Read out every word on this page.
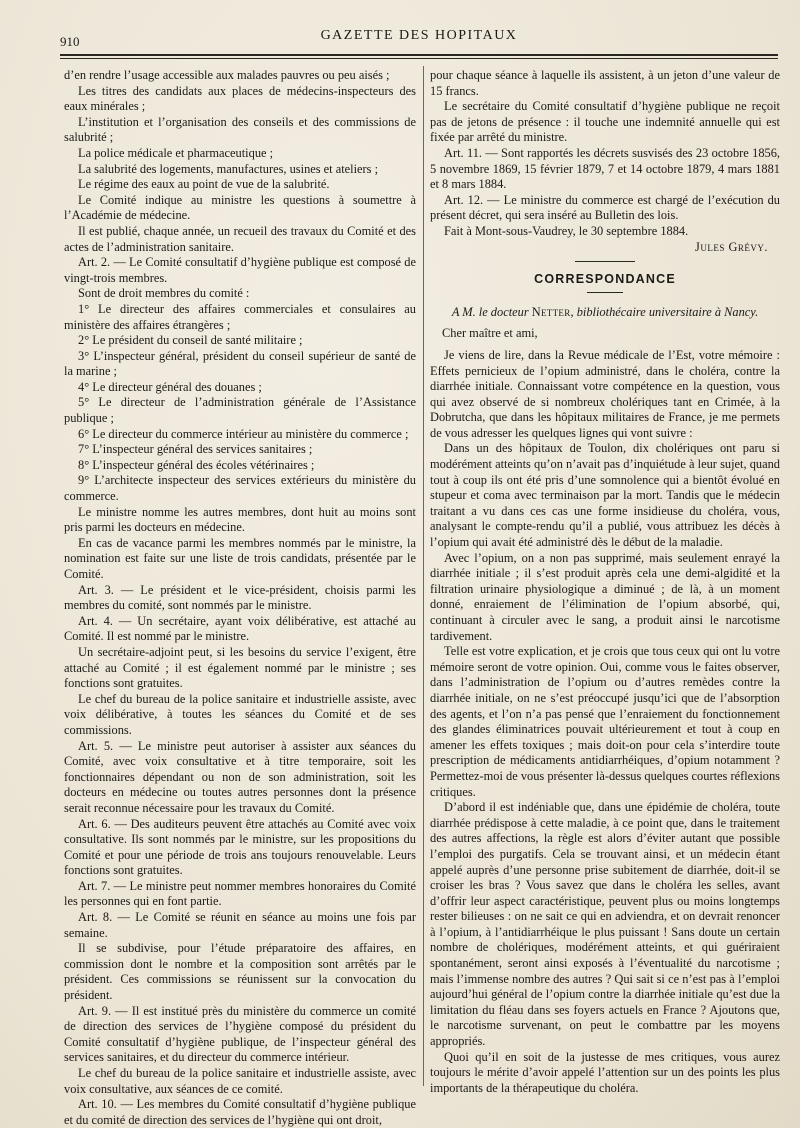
910	GAZETTE DES HOPITAUX

d’en rendre l’usage accessible aux malades pauvres ou peu aisés ;

Les titres des candidats aux places de médecins-inspecteurs des eaux minérales ;

L’institution et l’organisation des conseils et des commissions de salubrité ;

La police médicale et pharmaceutique ;

La salubrité des logements, manufactures, usines et ateliers ;

Le régime des eaux au point de vue de la salubrité.

Le Comité indique au ministre les questions à soumettre à l’Académie de médecine.

Il est publié, chaque année, un recueil des travaux du Comité et des actes de l’administration sanitaire.

Art. 2. — Le Comité consultatif d’hygiène publique est composé de vingt-trois membres.

Sont de droit membres du comité :

1° Le directeur des affaires commerciales et consulaires au ministère des affaires étrangères ;

2° Le président du conseil de santé militaire ;

3° L’inspecteur général, président du conseil supérieur de santé de la marine ;

4° Le directeur général des douanes ;

5° Le directeur de l’administration générale de l’Assistance publique ;

6° Le directeur du commerce intérieur au ministère du commerce ;

7° L’inspecteur général des services sanitaires ;

8° L’inspecteur général des écoles vétérinaires ;

9° L’architecte inspecteur des services extérieurs du ministère du commerce.

Le ministre nomme les autres membres, dont huit au moins sont pris parmi les docteurs en médecine.

En cas de vacance parmi les membres nommés par le ministre, la nomination est faite sur une liste de trois candidats, présentée par le Comité.

Art. 3. — Le président et le vice-président, choisis parmi les membres du comité, sont nommés par le ministre.

Art. 4. — Un secrétaire, ayant voix délibérative, est attaché au Comité. Il est nommé par le ministre.

Un secrétaire-adjoint peut, si les besoins du service l’exigent, être attaché au Comité ; il est également nommé par le ministre ; ses fonctions sont gratuites.

Le chef du bureau de la police sanitaire et industrielle assiste, avec voix délibérative, à toutes les séances du Comité et de ses commissions.

Art. 5. — Le ministre peut autoriser à assister aux séances du Comité, avec voix consultative et à titre temporaire, soit les fonctionnaires dépendant ou non de son administration, soit les docteurs en médecine ou toutes autres personnes dont la présence serait reconnue nécessaire pour les travaux du Comité.

Art. 6. — Des auditeurs peuvent être attachés au Comité avec voix consultative. Ils sont nommés par le ministre, sur les propositions du Comité et pour une période de trois ans toujours renouvelable. Leurs fonctions sont gratuites.

Art. 7. — Le ministre peut nommer membres honoraires du Comité les personnes qui en font partie.

Art. 8. — Le Comité se réunit en séance au moins une fois par semaine.

Il se subdivise, pour l’étude préparatoire des affaires, en commission dont le nombre et la composition sont arrêtés par le président. Ces commissions se réunissent sur la convocation du président.

Art. 9. — Il est institué près du ministère du commerce un comité de direction des services de l’hygiène composé du président du Comité consultatif d’hygiène publique, de l’inspecteur général des services sanitaires, et du directeur du commerce intérieur.

Le chef du bureau de la police sanitaire et industrielle assiste, avec voix consultative, aux séances de ce comité.

Art. 10. — Les membres du Comité consultatif d’hygiène publique et du comité de direction des services de l’hygiène qui ont droit,

pour chaque séance à laquelle ils assistent, à un jeton d’une valeur de 15 francs.

Le secrétaire du Comité consultatif d’hygiène publique ne reçoit pas de jetons de présence : il touche une indemnité annuelle qui est fixée par arrêté du ministre.

Art. 11. — Sont rapportés les décrets susvisés des 23 octobre 1856, 5 novembre 1869, 15 février 1879, 7 et 14 octobre 1879, 4 mars 1881 et 8 mars 1884.

Art. 12. — Le ministre du commerce est chargé de l’exécution du présent décret, qui sera inséré au Bulletin des lois.

Fait à Mont-sous-Vaudrey, le 30 septembre 1884.

Jules Grévy.

CORRESPONDANCE

A M. le docteur Netter, bibliothécaire universitaire à Nancy.

Cher maître et ami,

Je viens de lire, dans la Revue médicale de l’Est, votre mémoire : Effets pernicieux de l’opium administré, dans le choléra, contre la diarrhée initiale. Connaissant votre compétence en la question, vous qui avez observé de si nombreux cholériques tant en Crimée, à la Dobrutcha, que dans les hôpitaux militaires de France, je me permets de vous adresser les quelques lignes qui vont suivre :

Dans un des hôpitaux de Toulon, dix cholériques ont paru si modérément atteints qu’on n’avait pas d’inquiétude à leur sujet, quand tout à coup ils ont été pris d’une somnolence qui a bientôt évolué en stupeur et coma avec terminaison par la mort. Tandis que le médecin traitant a vu dans ces cas une forme insidieuse du choléra, vous, analysant le compte-rendu qu’il a publié, vous attribuez les décès à l’opium qui avait été administré dès le début de la maladie.

Avec l’opium, on a non pas supprimé, mais seulement enrayé la diarrhée initiale ; il s’est produit après cela une demi-algidité et la filtration urinaire physiologique a diminué ; de là, à un moment donné, enraiement de l’élimination de l’opium absorbé, qui, continuant à circuler avec le sang, a produit ainsi le narcotisme tardivement.

Telle est votre explication, et je crois que tous ceux qui ont lu votre mémoire seront de votre opinion. Oui, comme vous le faites observer, dans l’administration de l’opium ou d’autres remèdes contre la diarrhée initiale, on ne s’est préoccupé jusqu’ici que de l’absorption des agents, et l’on n’a pas pensé que l’enraiement du fonctionnement des glandes éliminatrices pouvait ultérieurement et tout à coup en amener les effets toxiques ; mais doit-on pour cela s’interdire toute prescription de médicaments antidiarrhéiques, d’opium notamment ? Permettez-moi de vous présenter là-dessus quelques courtes réflexions critiques.

D’abord il est indéniable que, dans une épidémie de choléra, toute diarrhée prédispose à cette maladie, à ce point que, dans le traitement des autres affections, la règle est alors d’éviter autant que possible l’emploi des purgatifs. Cela se trouvant ainsi, et un médecin étant appelé auprès d’une personne prise subitement de diarrhée, doit-il se croiser les bras ? Vous savez que dans le choléra les selles, avant d’offrir leur aspect caractéristique, peuvent plus ou moins longtemps rester bilieuses : on ne sait ce qui en adviendra, et on devrait renoncer à l’opium, à l’antidiarrhéique le plus puissant ! Sans doute un certain nombre de cholériques, modérément atteints, et qui guériraient spontanément, seront ainsi exposés à l’éventualité du narcotisme ; mais l’immense nombre des autres ? Qui sait si ce n’est pas à l’emploi aujourd’hui général de l’opium contre la diarrhée initiale qu’est due la limitation du fléau dans ses foyers actuels en France ? Ajoutons que, le narcotisme survenant, on peut le combattre par les moyens appropriés.

Quoi qu’il en soit de la justesse de mes critiques, vous aurez toujours le mérite d’avoir appelé l’attention sur un des points les plus importants de la thérapeutique du choléra.
